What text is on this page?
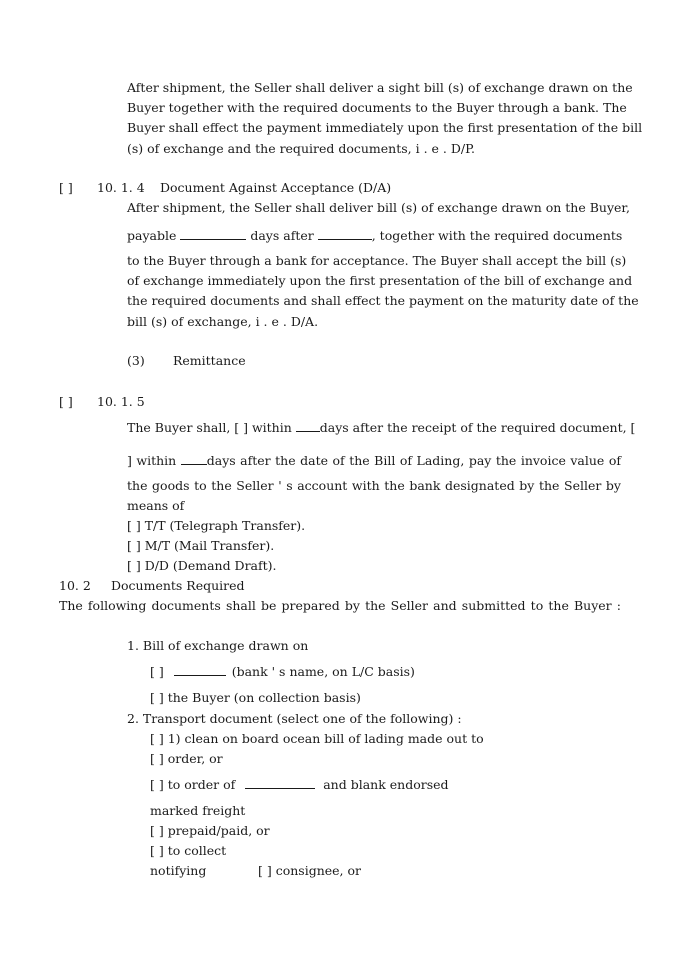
After shipment, the Seller shall deliver a sight bill (s) of exchange drawn on the
Buyer together with the required documents to the Buyer through a bank. The
Buyer shall effect the payment immediately upon the first presentation of the bill
(s) of exchange and the required documents, i . e . D/P.
[ ] 10. 1. 4 Document Against Acceptance (D/A)
After shipment, the Seller shall deliver bill (s) of exchange drawn on the Buyer,
payable	days after	, together with the required documents
to the Buyer through a bank for acceptance. The Buyer shall accept the bill (s)
of exchange immediately upon the first presentation of the bill of exchange and
the required documents and shall effect the payment on the maturity date of the
bill (s) of exchange, i . e . D/A.
(3) Remittance
[ ] 10. 1. 5
The Buyer shall, [ ] within days after the receipt of the required document, [
] within days after the date of the Bill of Lading, pay the invoice value of
the goods to the Seller ' s account with the bank designated by the Seller by
means of
[ ] T/T (Telegraph Transfer).
[ ] M/T (Mail Transfer).
[ ] D/D (Demand Draft).
10. 2 Documents Required
The following documents shall be prepared by the Seller and submitted to the Buyer :
1. Bill of exchange drawn on
[ ]	(bank ' s name, on L/C basis)
[ ] the Buyer (on collection basis)
2. Transport document (select one of the following) :
[ ] 1) clean on board ocean bill of lading made out to
[ ] order, or
[ ] to order of	and blank endorsed
marked freight
[ ] prepaid/paid, or
[ ] to collect
notifying	[ ] consignee, or
